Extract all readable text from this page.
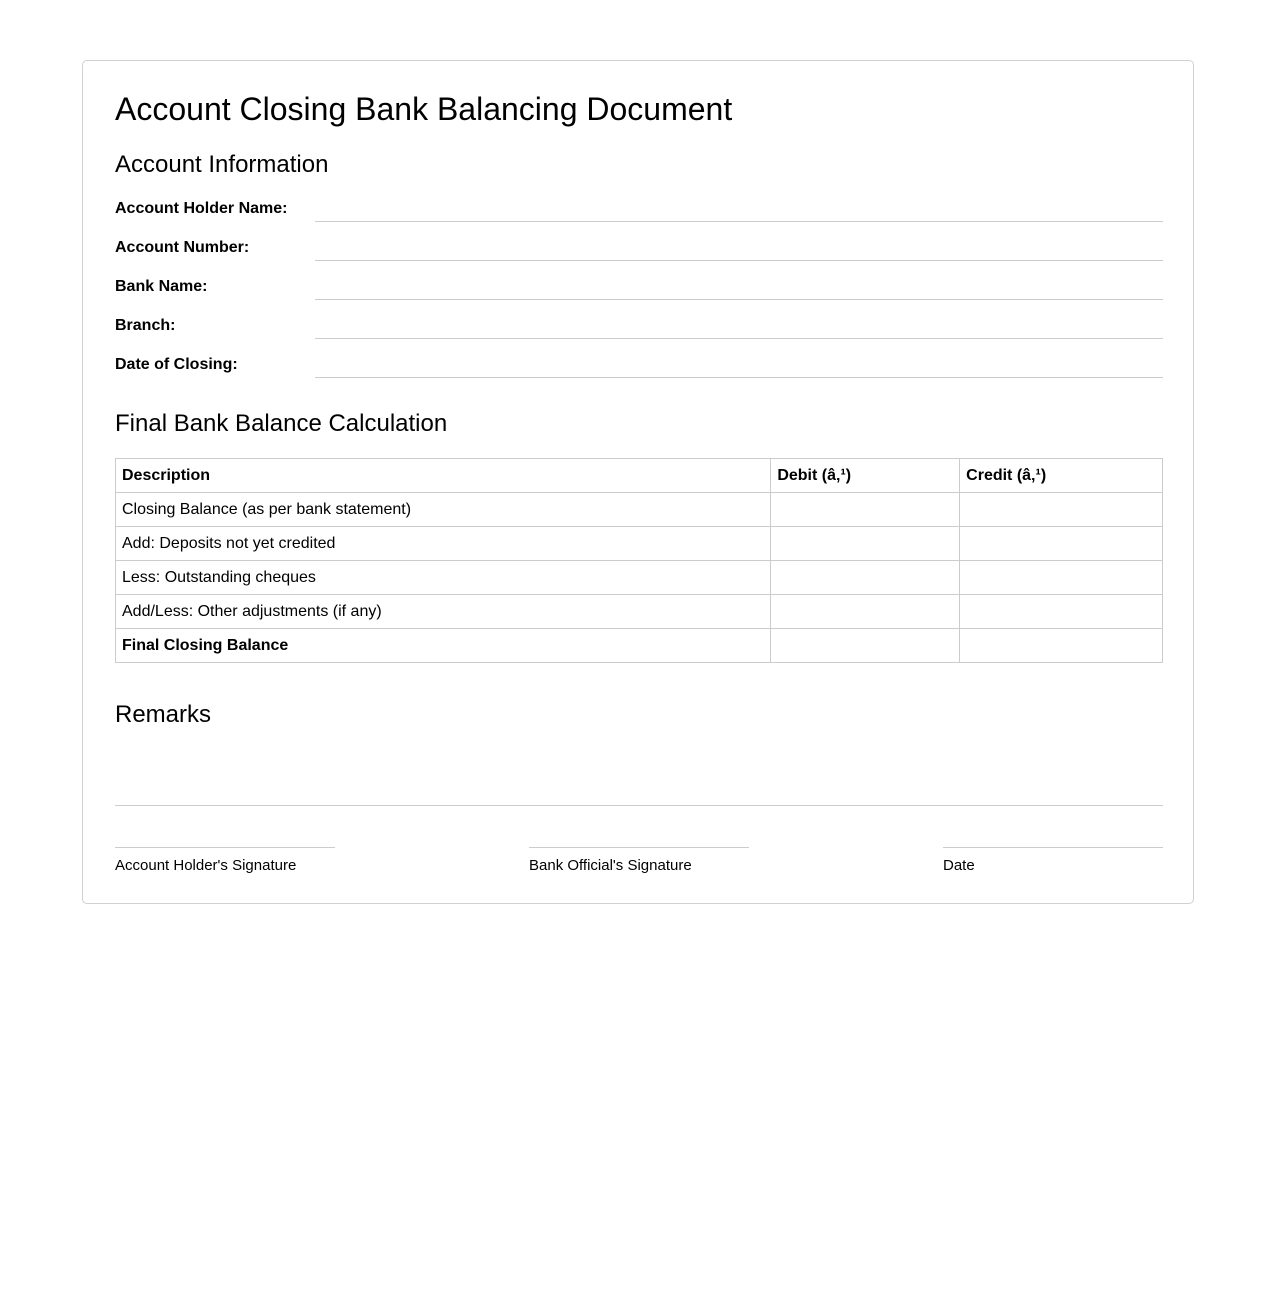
Account Closing Bank Balancing Document
Account Information
Account Holder Name:
Account Number:
Bank Name:
Branch:
Date of Closing:
Final Bank Balance Calculation
Description	Debit (â‚¹)	Credit (â‚¹)
Closing Balance (as per bank statement)		
Add: Deposits not yet credited		
Less: Outstanding cheques		
Add/Less: Other adjustments (if any)		
Final Closing Balance		
Remarks
Account Holder's Signature	Bank Official's Signature	Date
